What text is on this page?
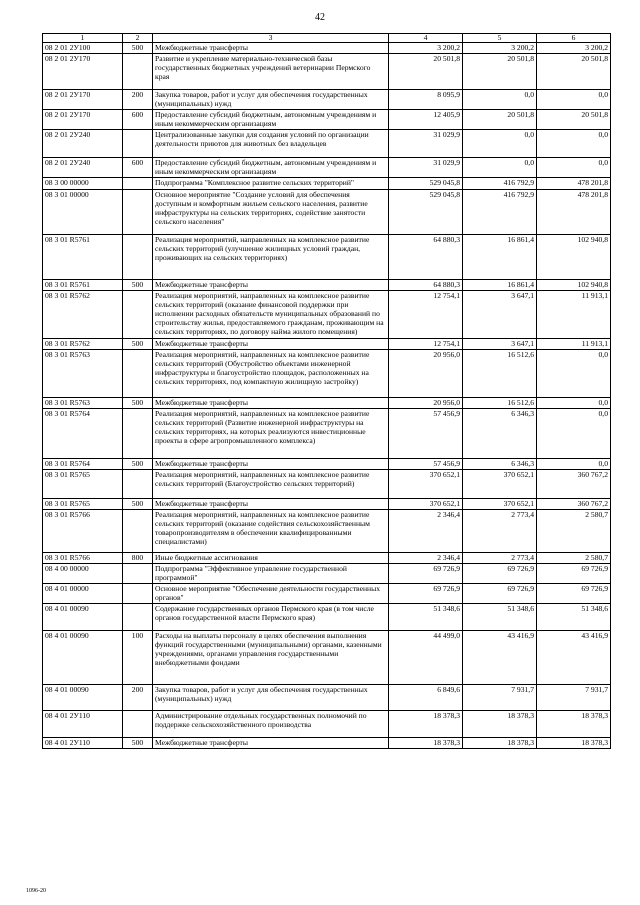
42
1	2	3	4	5	6
08 2 01 2У100	500	Межбюджетные трансферты	3 200,2	3 200,2	3 200,2
08 2 01 2У170		Развитие и укрепление материально-технической базы государственных бюджетных учреждений ветеринарии Пермского края	20 501,8	20 501,8	20 501,8
08 2 01 2У170	200	Закупка товаров, работ и услуг для обеспечения государственных (муниципальных) нужд	8 095,9	0,0	0,0
08 2 01 2У170	600	Предоставление субсидий бюджетным, автономным учреждениям и иным некоммерческим организациям	12 405,9	20 501,8	20 501,8
08 2 01 2У240		Централизованные закупки для создания условий по организации деятельности приютов для животных без владельцев	31 029,9	0,0	0,0
08 2 01 2У240	600	Предоставление субсидий бюджетным, автономным учреждениям и иным некоммерческим организациям	31 029,9	0,0	0,0
08 3 00 00000		Подпрограмма "Комплексное развитие сельских территорий"	529 045,8	416 792,9	478 201,8
08 3 01 00000		Основное мероприятие "Создание условий для обеспечения доступным и комфортным жильем сельского населения, развитие инфраструктуры на сельских территориях, содействие занятости сельского населения"	529 045,8	416 792,9	478 201,8
08 3 01 R5761		Реализация мероприятий, направленных на комплексное развитие сельских территорий (улучшение жилищных условий граждан, проживающих на сельских территориях)	64 880,3	16 861,4	102 940,8
08 3 01 R5761	500	Межбюджетные трансферты	64 880,3	16 861,4	102 940,8
08 3 01 R5762		Реализация мероприятий, направленных на комплексное развитие сельских территорий (оказание финансовой поддержки при исполнении расходных обязательств муниципальных образований по строительству жилья, предоставляемого гражданам, проживающим на сельских территориях, по договору найма жилого помещения)	12 754,1	3 647,1	11 913,1
08 3 01 R5762	500	Межбюджетные трансферты	12 754,1	3 647,1	11 913,1
08 3 01 R5763		Реализация мероприятий, направленных на комплексное развитие сельских территорий (Обустройство объектами инженерной инфраструктуры и благоустройство площадок, расположенных на сельских территориях, под компактную жилищную застройку)	20 956,0	16 512,6	0,0
08 3 01 R5763	500	Межбюджетные трансферты	20 956,0	16 512,6	0,0
08 3 01 R5764		Реализация мероприятий, направленных на комплексное развитие сельских территорий (Развитие инженерной инфраструктуры на сельских территориях, на которых реализуются инвестиционные проекты в сфере агропромышленного комплекса)	57 456,9	6 346,3	0,0
08 3 01 R5764	500	Межбюджетные трансферты	57 456,9	6 346,3	0,0
08 3 01 R5765		Реализация мероприятий, направленных на комплексное развитие сельских территорий (Благоустройство сельских территорий)	370 652,1	370 652,1	360 767,2
08 3 01 R5765	500	Межбюджетные трансферты	370 652,1	370 652,1	360 767,2
08 3 01 R5766		Реализация мероприятий, направленных на комплексное развитие сельских территорий (оказание содействия сельскохозяйственным товаропроизводителям в обеспечении квалифицированными специалистами)	2 346,4	2 773,4	2 580,7
08 3 01 R5766	800	Иные бюджетные ассигнования	2 346,4	2 773,4	2 580,7
08 4 00 00000		Подпрограмма "Эффективное управление государственной программой"	69 726,9	69 726,9	69 726,9
08 4 01 00000		Основное мероприятие "Обеспечение деятельности государственных органов"	69 726,9	69 726,9	69 726,9
08 4 01 00090		Содержание государственных органов Пермского края (в том числе органов государственной власти Пермского края)	51 348,6	51 348,6	51 348,6
08 4 01 00090	100	Расходы на выплаты персоналу в целях обеспечения выполнения функций государственными (муниципальными) органами, казенными учреждениями, органами управления государственными внебюджетными фондами	44 499,0	43 416,9	43 416,9
08 4 01 00090	200	Закупка товаров, работ и услуг для обеспечения государственных (муниципальных) нужд	6 849,6	7 931,7	7 931,7
08 4 01 2У110		Администрирование отдельных государственных полномочий по поддержке сельскохозяйственного производства	18 378,3	18 378,3	18 378,3
08 4 01 2У110	500	Межбюджетные трансферты	18 378,3	18 378,3	18 378,3
1096-20
